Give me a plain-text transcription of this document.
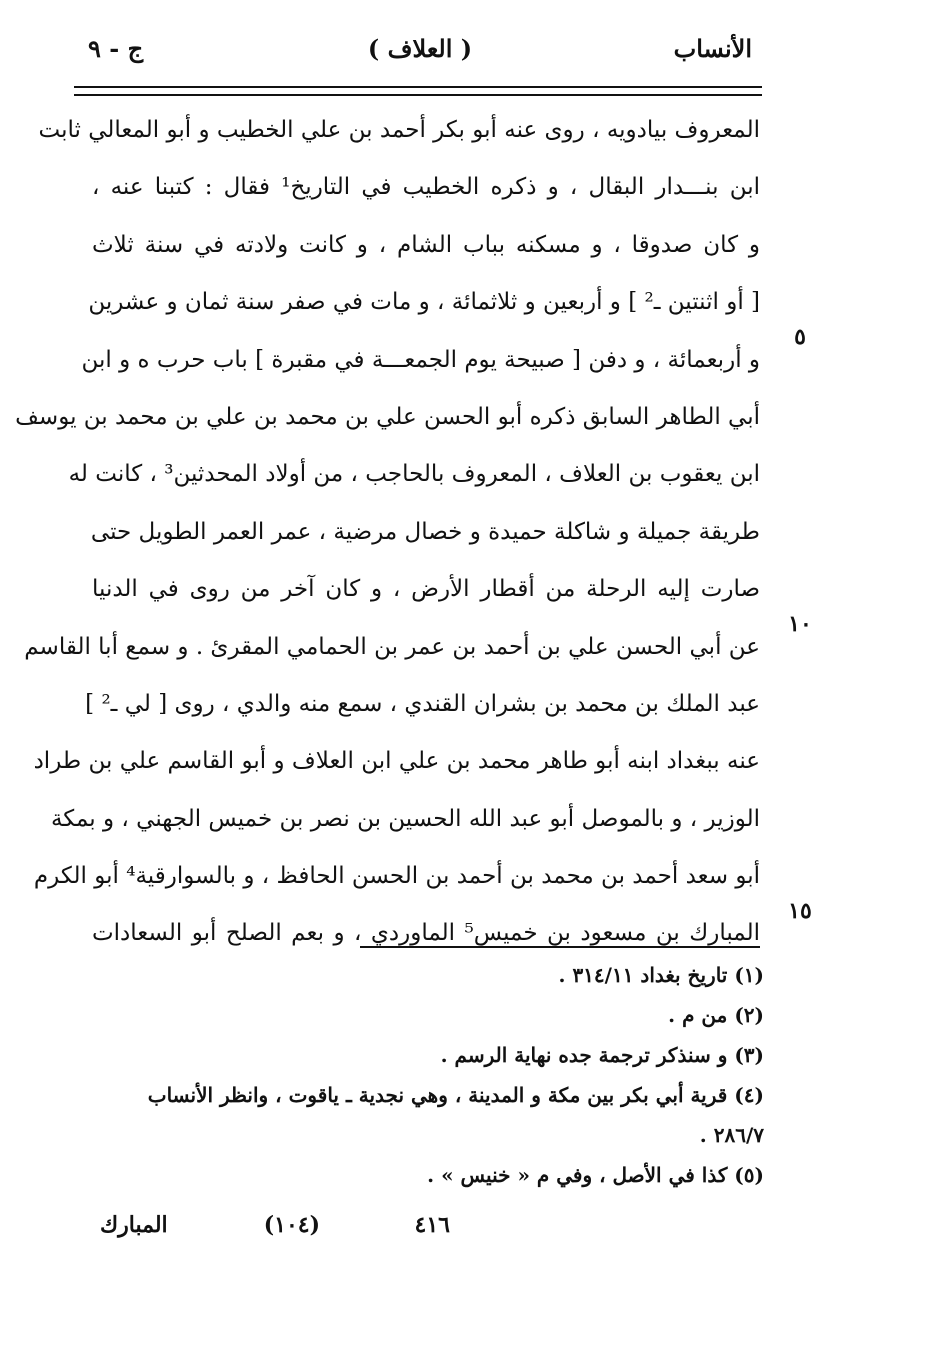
الأنساب
( العلاف )
ج - ٩
المعروف بيادويه ، روى عنه أبو بكر أحمد بن علي الخطيب و أبو المعالي ثابت
ابن بنـــدار البقال ، و ذكره الخطيب في التاريخ¹ فقال : كتبنا عنه ،
و كان صدوقا ، و مسكنه بباب الشام ، و كانت ولادته في سنة ثلاث
[ أو اثنتين ـ² ] و أربعين و ثلاثمائة ، و مات في صفر سنة ثمان و عشرين
و أربعمائة ، و دفن [ صبيحة يوم الجمعـــة في مقبرة ] باب حرب ه و ابن
أبي الطاهر السابق ذكره أبو الحسن علي بن محمد بن علي بن محمد بن يوسف
ابن يعقوب بن العلاف ، المعروف بالحاجب ، من أولاد المحدثين³ ، كانت له
طريقة جميلة و شاكلة حميدة و خصال مرضية ، عمر العمر الطويل حتى
صارت إليه الرحلة من أقطار الأرض ، و كان آخر من روى في الدنيا
عن أبي الحسن علي بن أحمد بن عمر بن الحمامي المقرئ . و سمع أبا القاسم
عبد الملك بن محمد بن بشران القندي ، سمع منه والدي ، روى [ لي ـ² ]
عنه ببغداد ابنه أبو طاهر محمد بن علي ابن العلاف و أبو القاسم علي بن طراد
الوزير ، و بالموصل أبو عبد الله الحسين بن نصر بن خميس الجهني ، و بمكة
أبو سعد أحمد بن محمد بن أحمد بن الحسن الحافظ ، و بالسوارقية⁴ أبو الكرم
المبارك بن مسعود بن خميس⁵ الماوردي ، و بعم الصلح أبو السعادات
٥
١٠
١٥
(١) تاريخ بغداد ٣١٤/١١ .
(٢) من م .
(٣) و سنذكر ترجمة جده نهاية الرسم .
(٤) قرية أبي بكر بين مكة و المدينة ، وهي نجدية ـ ياقوت ، وانظر الأنساب
٢٨٦/٧ .
(٥) كذا في الأصل ، وفي م « خنيس » .
٤١٦
(١٠٤)
المبارك
